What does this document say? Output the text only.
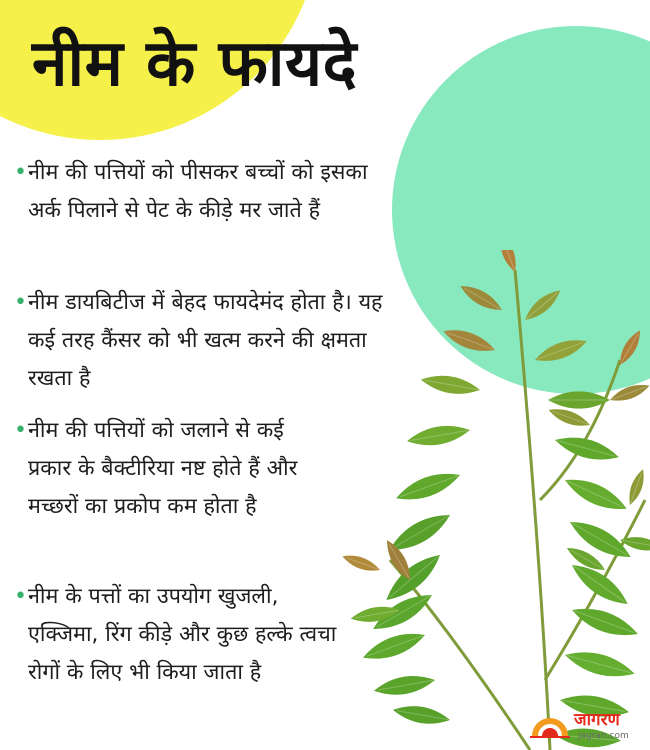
नीम के फायदे
• नीम की पत्तियों को पीसकर बच्चों को इसका अर्क पिलाने से पेट के कीड़े मर जाते हैं
• नीम डायबिटीज में बेहद फायदेमंद होता है। यह कई तरह कैंसर को भी खत्म करने की क्षमता रखता है
• नीम की पत्तियों को जलाने से कई प्रकार के बैक्टीरिया नष्ट होते हैं और मच्छरों का प्रकोप कम होता है
• नीम के पत्तों का उपयोग खुजली, एक्जिमा, रिंग कीड़े और कुछ हल्के त्वचा रोगों के लिए भी किया जाता है
जागरण
jagran.com
